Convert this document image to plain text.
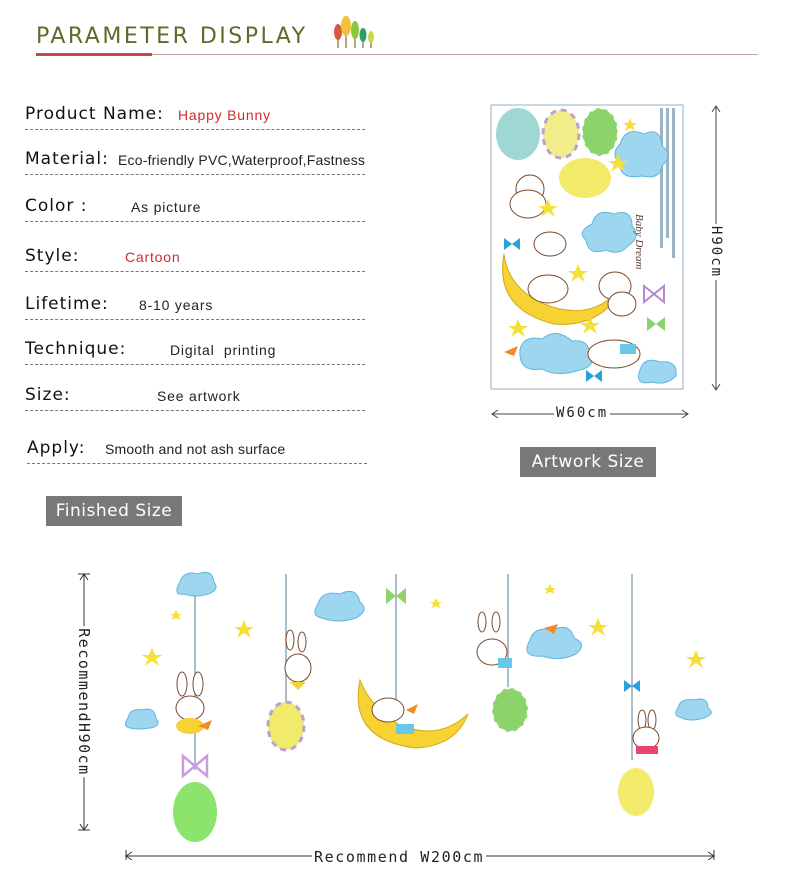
PARAMETER DISPLAY
Product Name: Happy Bunny
Material: Eco-friendly PVC,Waterproof,Fastness
Color :	As picture
Style:	Cartoon
Lifetime: 8-10 years
Technique:	Digital  printing
Size:	See artwork
Apply: Smooth and not ash surface
Baby Dream
W60cm
H90cm
Artwork Size
Finished Size
Recommend W200cm
RecommendH90cm
